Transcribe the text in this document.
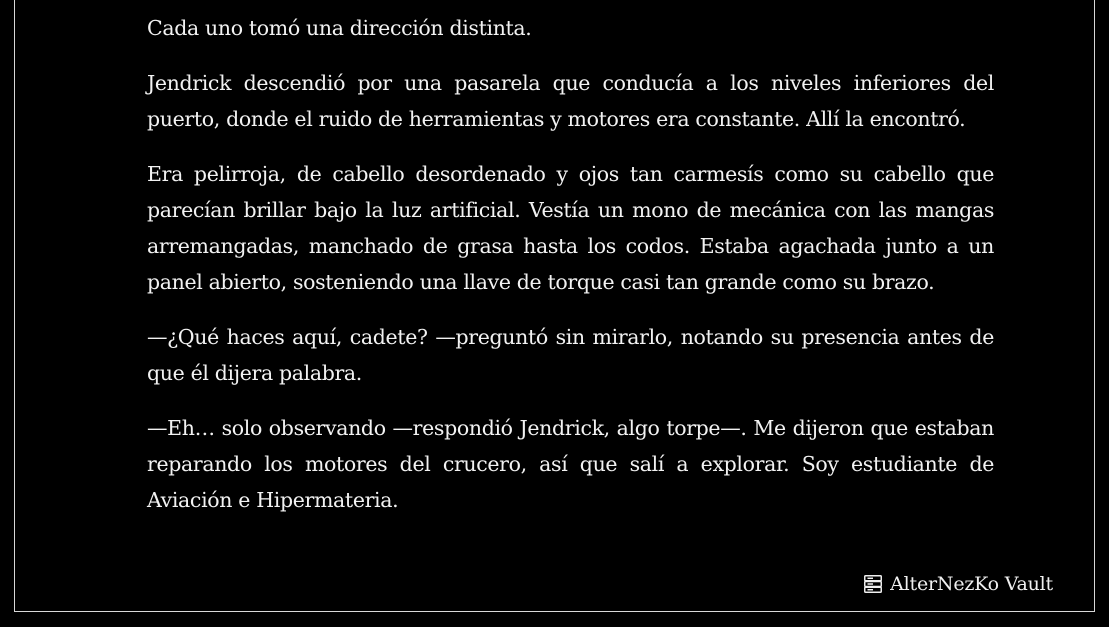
Cada uno tomó una dirección distinta.

Jendrick descendió por una pasarela que conducía a los niveles inferiores del puerto, donde el ruido de herramientas y motores era constante. Allí la encontró.

Era pelirroja, de cabello desordenado y ojos tan carmesís como su cabello que parecían brillar bajo la luz artificial. Vestía un mono de mecánica con las mangas arremangadas, manchado de grasa hasta los codos. Estaba agachada junto a un panel abierto, sosteniendo una llave de torque casi tan grande como su brazo.

—¿Qué haces aquí, cadete? —preguntó sin mirarlo, notando su presencia antes de que él dijera palabra.

—Eh… solo observando —respondió Jendrick, algo torpe—. Me dijeron que estaban reparando los motores del crucero, así que salí a explorar. Soy estudiante de Aviación e Hipermateria.

AlterNezKo Vault
